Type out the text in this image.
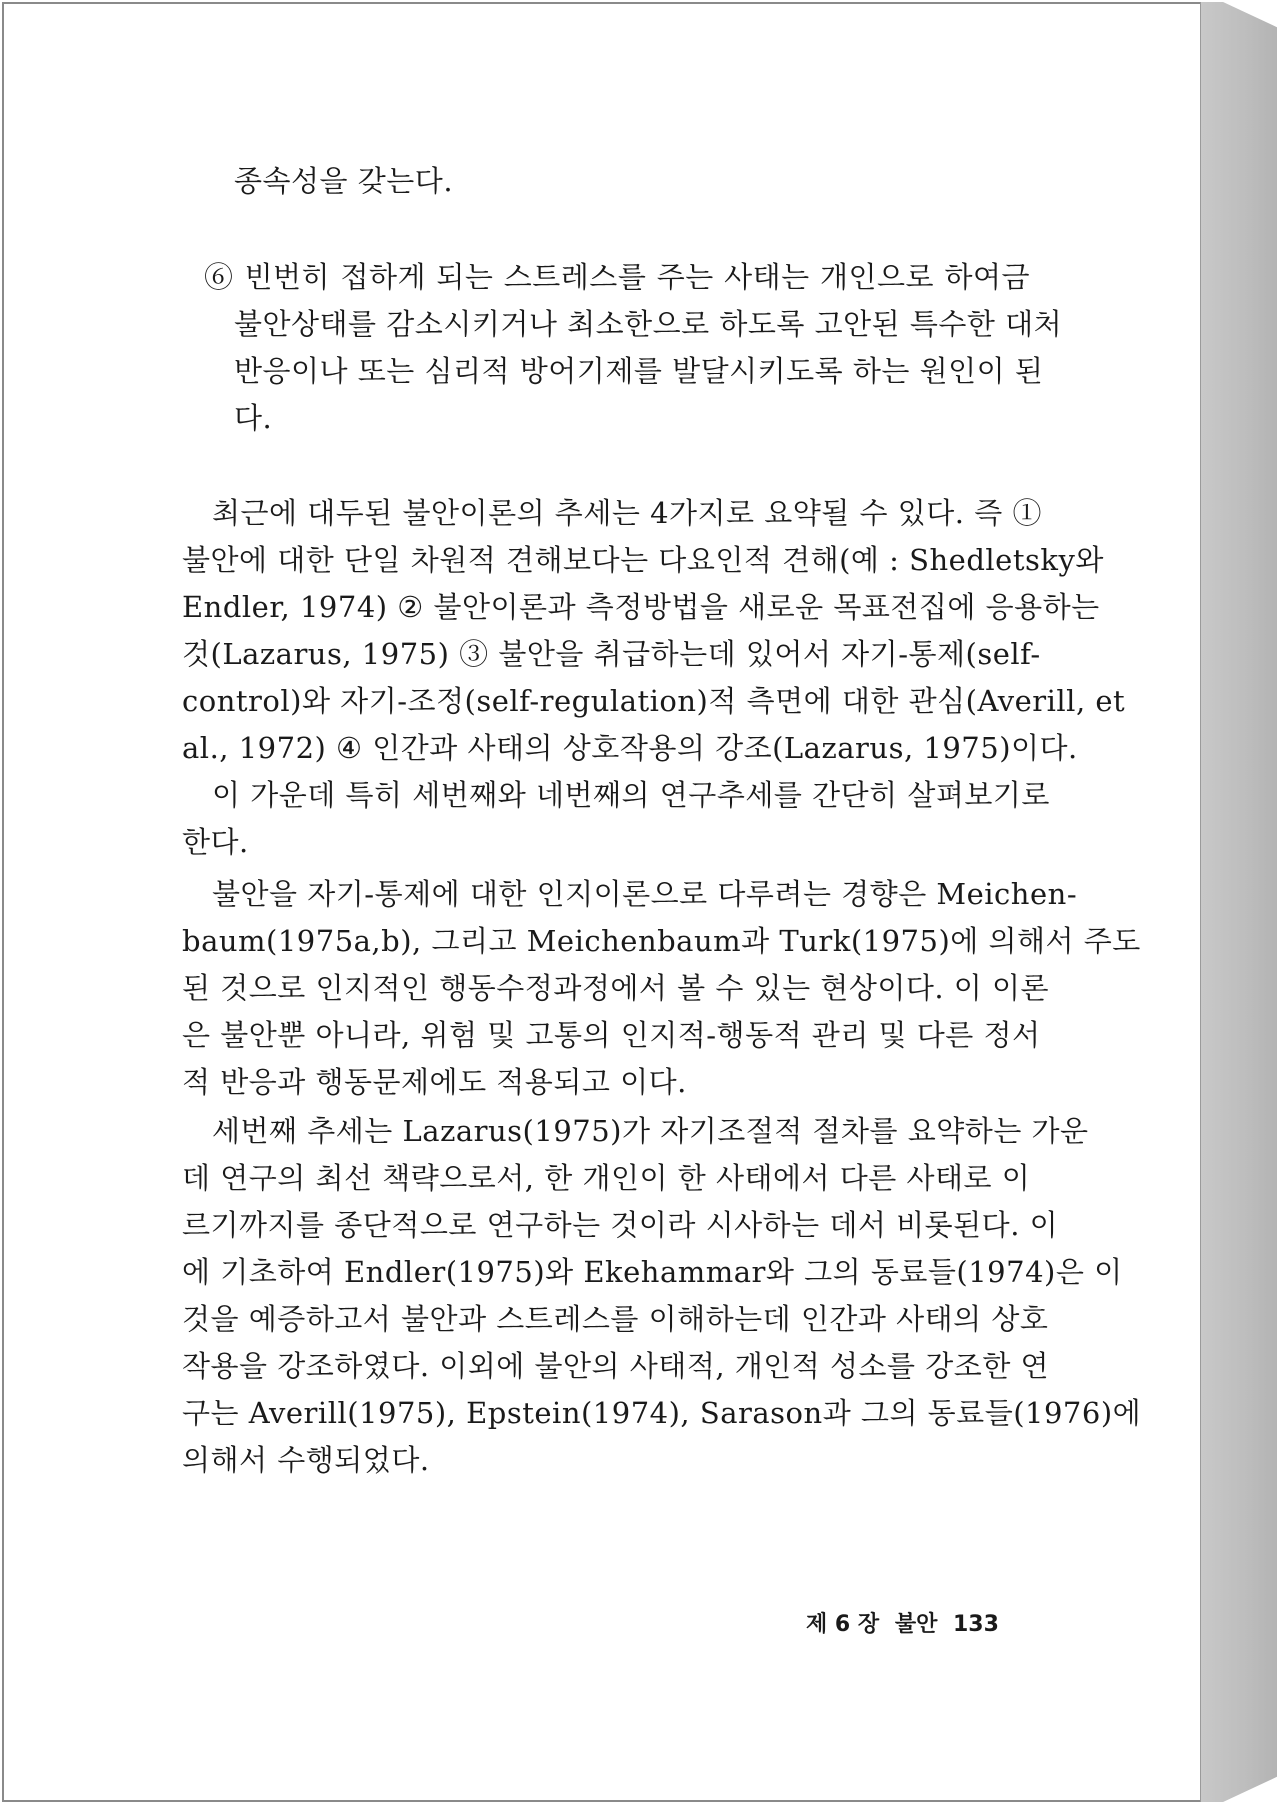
종속성을 갖는다.
⑥ 빈번히 접하게 되는 스트레스를 주는 사태는 개인으로 하여금
불안상태를 감소시키거나 최소한으로 하도록 고안된 특수한 대처
반응이나 또는 심리적 방어기제를 발달시키도록 하는 원인이 된
다.
최근에 대두된 불안이론의 추세는 4가지로 요약될 수 있다. 즉 ①
불안에 대한 단일 차원적 견해보다는 다요인적 견해(예 : Shedletsky와
Endler, 1974) ② 불안이론과 측정방법을 새로운 목표전집에 응용하는
것(Lazarus, 1975) ③ 불안을 취급하는데 있어서 자기-통제(self-
control)와 자기-조정(self-regulation)적 측면에 대한 관심(Averill, et
al., 1972) ④ 인간과 사태의 상호작용의 강조(Lazarus, 1975)이다.
이 가운데 특히 세번째와 네번째의 연구추세를 간단히 살펴보기로
한다.
불안을 자기-통제에 대한 인지이론으로 다루려는 경향은 Meichen-
baum(1975a,b), 그리고 Meichenbaum과 Turk(1975)에 의해서 주도
된 것으로 인지적인 행동수정과정에서 볼 수 있는 현상이다. 이 이론
은 불안뿐 아니라, 위험 및 고통의 인지적-행동적 관리 및 다른 정서
적 반응과 행동문제에도 적용되고 이다.
세번째 추세는 Lazarus(1975)가 자기조절적 절차를 요약하는 가운
데 연구의 최선 책략으로서, 한 개인이 한 사태에서 다른 사태로 이
르기까지를 종단적으로 연구하는 것이라 시사하는 데서 비롯된다. 이
에 기초하여 Endler(1975)와 Ekehammar와 그의 동료들(1974)은 이
것을 예증하고서 불안과 스트레스를 이해하는데 인간과 사태의 상호
작용을 강조하였다. 이외에 불안의 사태적, 개인적 성소를 강조한 연
구는 Averill(1975), Epstein(1974), Sarason과 그의 동료들(1976)에
의해서 수행되었다.
제 6 장 불안 133
